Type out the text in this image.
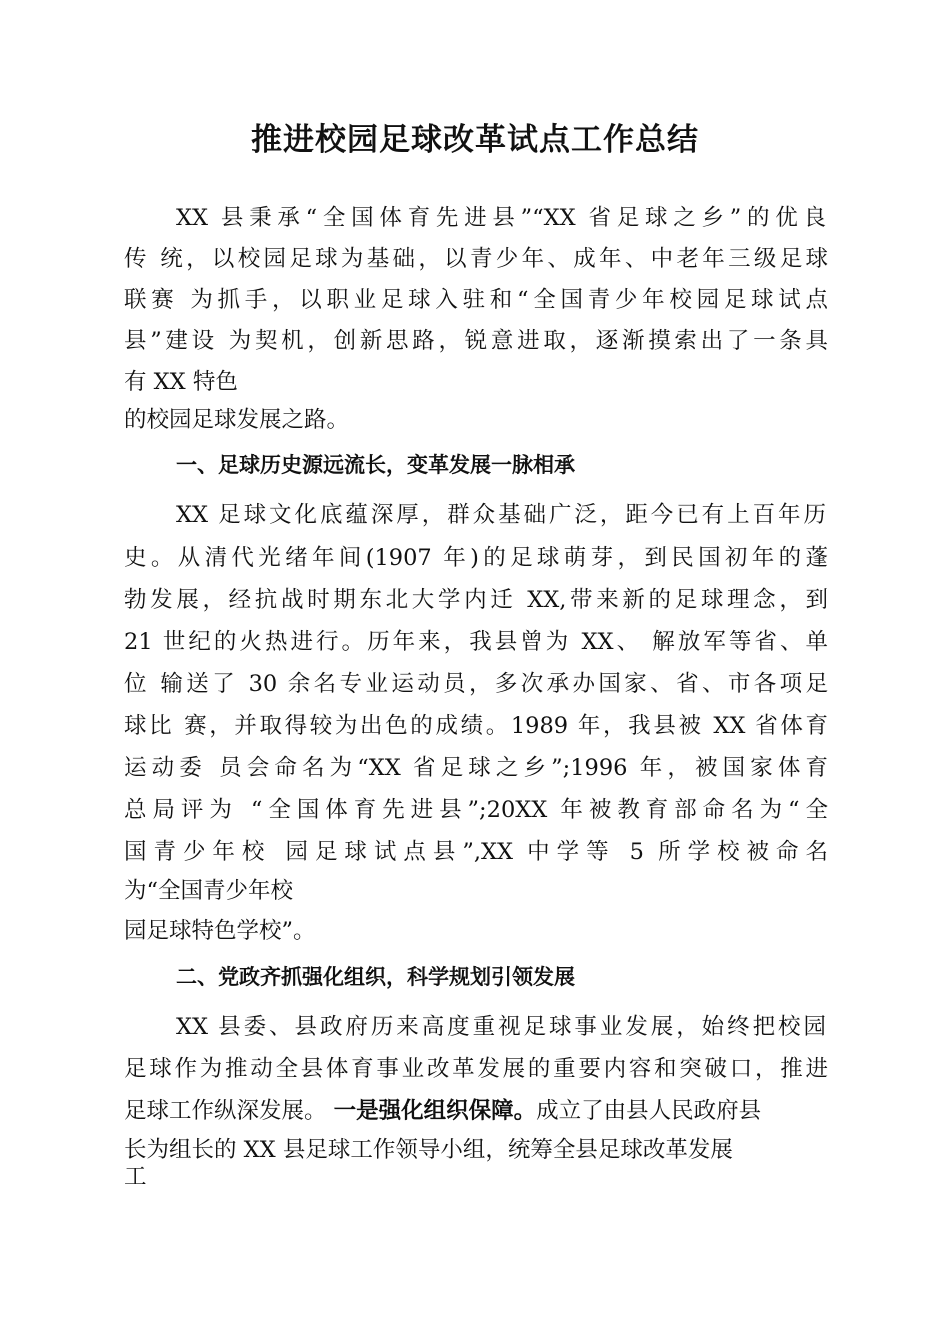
推进校园足球改革试点工作总结
XX 县秉承“全国体育先进县”“XX 省足球之乡”的优良
传 统，以校园足球为基础，以青少年、成年、中老年三级足球
联赛 为抓手，以职业足球入驻和“全国青少年校园足球试点
县”建设 为契机，创新思路，锐意进取，逐渐摸索出了一条具
有 XX 特色
的校园足球发展之路。
一、足球历史源远流长，变革发展一脉相承
XX 足球文化底蕴深厚，群众基础广泛，距今已有上百年历
史。从清代光绪年间(1907 年)的足球萌芽，到民国初年的蓬
勃发展，经抗战时期东北大学内迁 XX,带来新的足球理念，到
21 世纪的火热进行。历年来，我县曾为 XX、 解放军等省、单
位 输送了 30 余名专业运动员，多次承办国家、省、市各项足
球比 赛，并取得较为出色的成绩。1989 年，我县被 XX 省体育
运动委 员会命名为“XX 省足球之乡”;1996 年，被国家体育
总局评为 “全国体育先进县”;20XX 年被教育部命名为“全
国青少年校 园足球试点县”,XX 中学等 5 所学校被命名
为“全国青少年校
园足球特色学校”。
二、党政齐抓强化组织，科学规划引领发展
XX 县委、县政府历来高度重视足球事业发展，始终把校园
足球作为推动全县体育事业改革发展的重要内容和突破口，推进
足球工作纵深发展。 一是强化组织保障。成立了由县人民政府县
长为组长的 XX 县足球工作领导小组，统筹全县足球改革发展
工
